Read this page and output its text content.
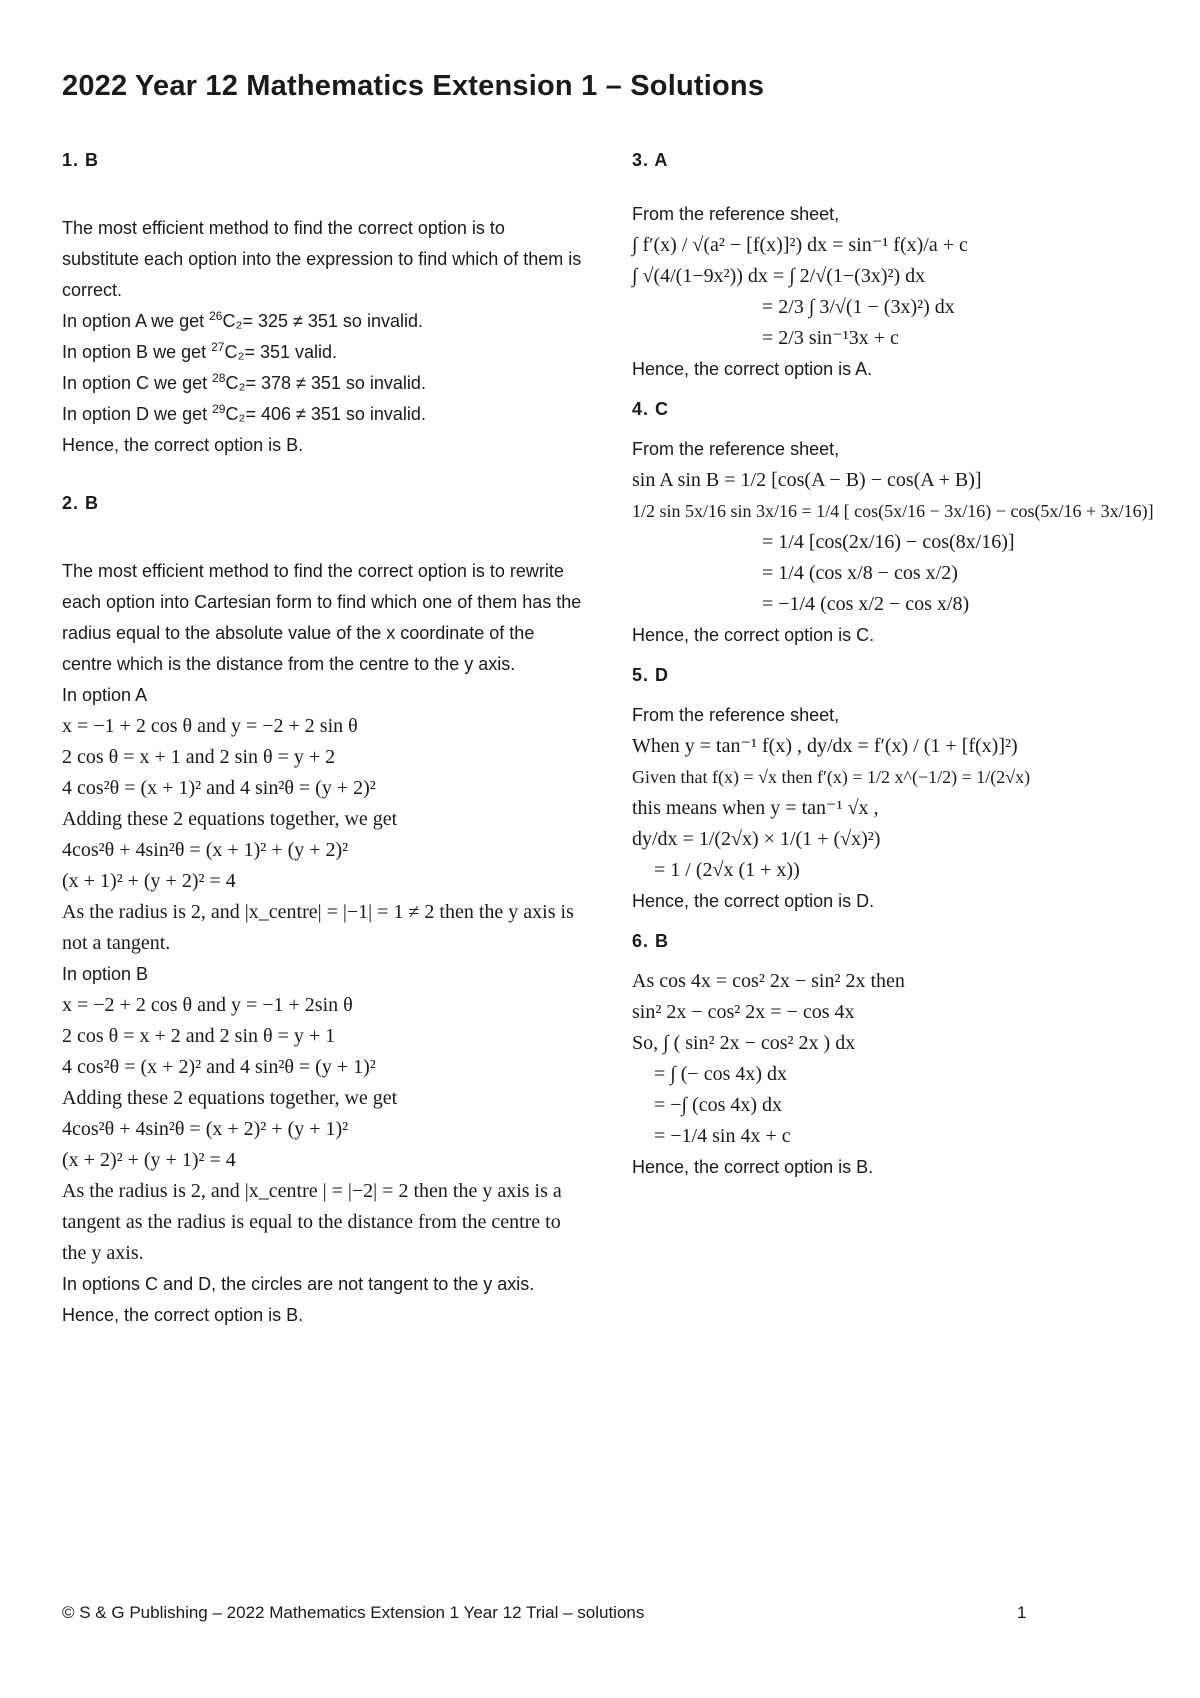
2022 Year 12 Mathematics Extension 1 – Solutions
1. B

The most efficient method to find the correct option is to substitute each option into the expression to find which of them is correct.

In option A we get $^{26}$C₂= 325 ≠ 351 so invalid.
In option B we get $^{27}$C₂= 351 valid.
In option C we get $^{28}$C₂= 378 ≠ 351 so invalid.
In option D we get $^{29}$C₂= 406 ≠ 351 so invalid.
Hence, the correct option is B.
2. B

The most efficient method to find the correct option is to rewrite each option into Cartesian form to find which one of them has the radius equal to the absolute value of the x coordinate of the centre which is the distance from the centre to the y axis.

In option A
x = −1 + 2 cos θ and y = −2 + 2 sin θ
2 cos θ = x + 1 and 2 sin θ = y + 2
4 cos²θ = (x + 1)² and 4 sin²θ = (y + 2)²
Adding these 2 equations together, we get
4cos²θ + 4sin²θ = (x + 1)² + (y + 2)²
(x + 1)² + (y + 2)² = 4

As the radius is 2, and |x_centre| = |−1| = 1 ≠ 2 then the y axis is not a tangent.

In option B
x = −2 + 2 cos θ and y = −1 + 2sin θ
2 cos θ = x + 2 and 2 sin θ = y + 1
4 cos²θ = (x + 2)² and 4 sin²θ = (y + 1)²
Adding these 2 equations together, we get
4cos²θ + 4sin²θ = (x + 2)² + (y + 1)²
(x + 2)² + (y + 1)² = 4

As the radius is 2, and |x_centre | = |−2| = 2 then the y axis is a tangent as the radius is equal to the distance from the centre to the y axis.

In options C and D, the circles are not tangent to the y axis.

Hence, the correct option is B.
3. A
From the reference sheet,
∫ f′(x) / √(a² − [f(x)]²) dx = sin⁻¹ f(x)/a + c
∫ √(4/(1−9x²)) dx = ∫ 2/√(1−(3x)²) dx
= 2/3 ∫ 3/√(1 − (3x)²) dx
= 2/3 sin⁻¹3x + c
Hence, the correct option is A.
4. C
From the reference sheet,
sin A sin B = 1/2 [cos(A − B) − cos(A + B)]
1/2 sin 5x/16 sin 3x/16 = 1/4 [ cos(5x/16 − 3x/16) − cos(5x/16 + 3x/16)]
= 1/4 [cos(2x/16) − cos(8x/16)]
= 1/4 (cos x/8 − cos x/2)
= −1/4 (cos x/2 − cos x/8)
Hence, the correct option is C.
5. D
From the reference sheet,
When y = tan⁻¹ f(x) , dy/dx = f′(x) / (1 + [f(x)]²)
Given that f(x) = √x then f′(x) = 1/2 x^(−1/2) = 1/(2√x)
this means when y = tan⁻¹ √x ,
dy/dx = 1/(2√x) × 1/(1 + (√x)²)
= 1 / (2√x (1 + x))
Hence, the correct option is D.
6. B
As cos 4x = cos² 2x − sin² 2x then
sin² 2x − cos² 2x = − cos 4x
So, ∫ ( sin² 2x − cos² 2x ) dx
= ∫ (− cos 4x) dx
= −∫ (cos 4x) dx
= −1/4 sin 4x + c
Hence, the correct option is B.
© S & G Publishing – 2022 Mathematics Extension 1 Year 12 Trial – solutions	1
